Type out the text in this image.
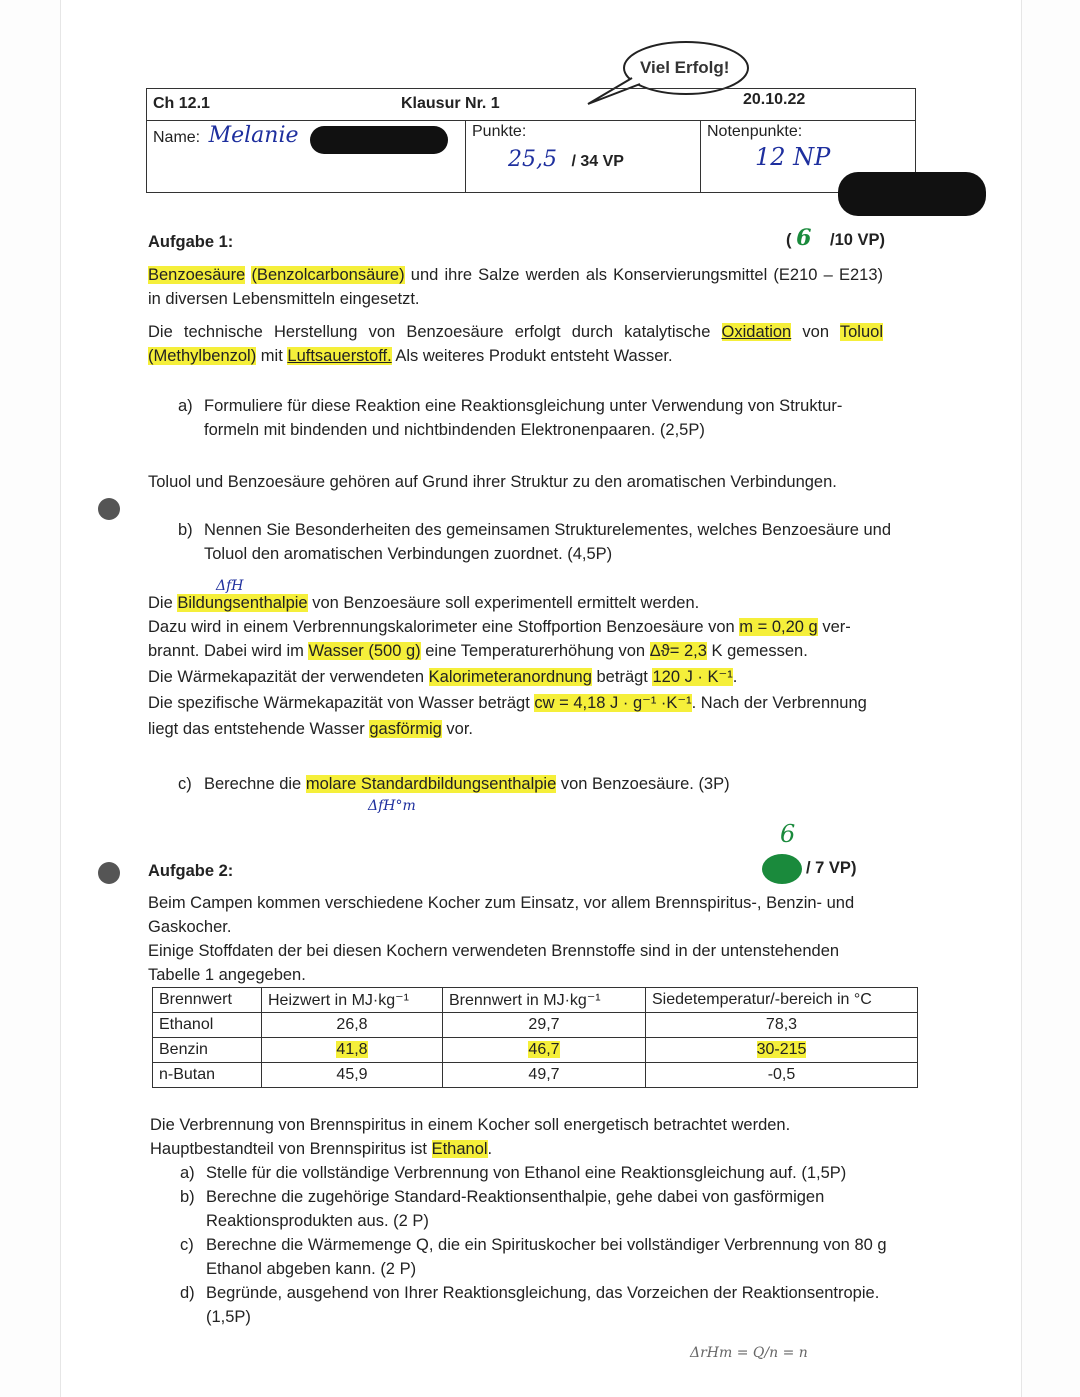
Viel Erfolg!
Ch 12.1	Klausur Nr. 1	20.10.22

Name: Melanie	Punkte:
25,5 / 34 VP

Notenpunkte:
12 NP
Aufgabe 1:	( 6 /10 VP)
Benzoesäure (Benzolcarbonsäure) und ihre Salze werden als Konservierungsmittel (E210 – E213) in diversen Lebensmitteln eingesetzt.
Die technische Herstellung von Benzoesäure erfolgt durch katalytische Oxidation von Toluol (Methylbenzol) mit Luftsauerstoff. Als weiteres Produkt entsteht Wasser.
a) Formuliere für diese Reaktion eine Reaktionsgleichung unter Verwendung von Struktur-formeln mit bindenden und nichtbindenden Elektronenpaaren. (2,5P)
Toluol und Benzoesäure gehören auf Grund ihrer Struktur zu den aromatischen Verbindungen.
b) Nennen Sie Besonderheiten des gemeinsamen Strukturelementes, welches Benzoesäure und Toluol den aromatischen Verbindungen zuordnet. (4,5P)
ΔfH
Die Bildungsenthalpie von Benzoesäure soll experimentell ermittelt werden.
Dazu wird in einem Verbrennungskalorimeter eine Stoffportion Benzoesäure von m = 0,20 g ver-
brannt. Dabei wird im Wasser (500 g) eine Temperaturerhöhung von Δϑ= 2,3 K gemessen.
Die Wärmekapazität der verwendeten Kalorimeteranordnung beträgt 120 J · K⁻¹.
Die spezifische Wärmekapazität von Wasser beträgt cw = 4,18 J · g⁻¹ ·K⁻¹. Nach der Verbrennung
liegt das entstehende Wasser gasförmig vor.
c) Berechne die molare Standardbildungsenthalpie von Benzoesäure. (3P)
ΔfH°m
6
Aufgabe 2:	/ 7 VP)
Beim Campen kommen verschiedene Kocher zum Einsatz, vor allem Brennspiritus-, Benzin- und Gaskocher.
Einige Stoffdaten der bei diesen Kochern verwendeten Brennstoffe sind in der untenstehenden Tabelle 1 angegeben.
Brennwert	Heizwert in MJ·kg⁻¹	Brennwert in MJ·kg⁻¹	Siedetemperatur/-bereich in °C
Ethanol	26,8	29,7	78,3
Benzin	41,8	46,7	30-215
n-Butan	45,9	49,7	-0,5
Die Verbrennung von Brennspiritus in einem Kocher soll energetisch betrachtet werden.
Hauptbestandteil von Brennspiritus ist Ethanol.
a) Stelle für die vollständige Verbrennung von Ethanol eine Reaktionsgleichung auf. (1,5P)
b) Berechne die zugehörige Standard-Reaktionsenthalpie, gehe dabei von gasförmigen Reaktionsprodukten aus. (2 P)
c) Berechne die Wärmemenge Q, die ein Spirituskocher bei vollständiger Verbrennung von 80 g Ethanol abgeben kann. (2 P)
d) Begründe, ausgehend von Ihrer Reaktionsgleichung, das Vorzeichen der Reaktionsentropie. (1,5P)
ΔrHm = Q/n = n
